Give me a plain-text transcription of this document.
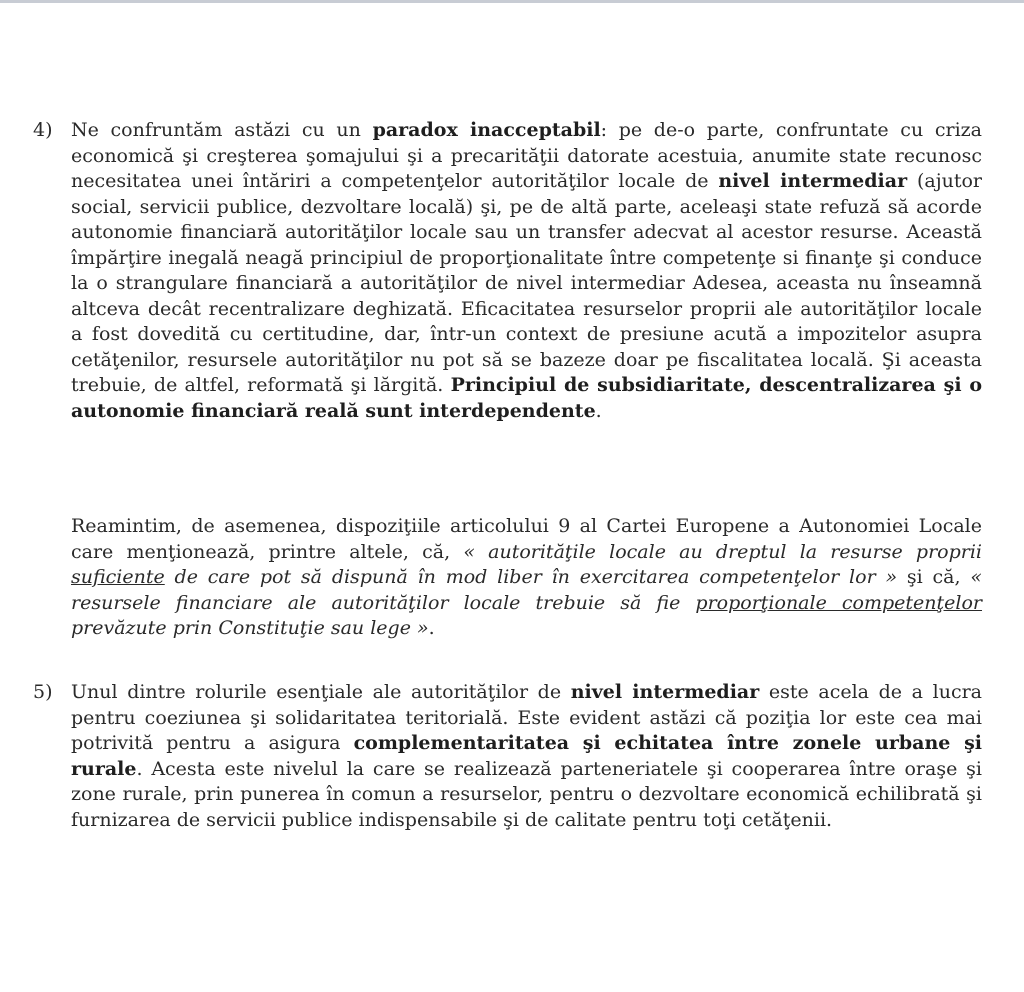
4) Ne confruntăm astăzi cu un paradox inacceptabil: pe de-o parte, confruntate cu criza economică şi creşterea şomajului şi a precarităţii datorate acestuia, anumite state recunosc necesitatea unei întăriri a competenţelor autorităţilor locale de nivel intermediar (ajutor social, servicii publice, dezvoltare locală) şi, pe de altă parte, aceleaşi state refuză să acorde autonomie financiară autorităţilor locale sau un transfer adecvat al acestor resurse. Această împărţire inegală neagă principiul de proporţionalitate între competenţe si finanţe şi conduce la o strangulare financiară a autorităţilor de nivel intermediar Adesea, aceasta nu înseamnă altceva decât recentralizare deghizată. Eficacitatea resurselor proprii ale autorităţilor locale a fost dovedită cu certitudine, dar, într-un context de presiune acută a impozitelor asupra cetăţenilor, resursele autorităţilor nu pot să se bazeze doar pe fiscalitatea locală. Şi aceasta trebuie, de altfel, reformată şi lărgită. Principiul de subsidiaritate, descentralizarea şi o autonomie financiară reală sunt interdependente.
Reamintim, de asemenea, dispoziţiile articolului 9 al Cartei Europene a Autonomiei Locale care menţionează, printre altele, că, « autorităţile locale au dreptul la resurse proprii suficiente de care pot să dispună în mod liber în exercitarea competenţelor lor » şi că, « resursele financiare ale autorităţilor locale trebuie să fie proporţionale competenţelor prevăzute prin Constituţie sau lege ».
5) Unul dintre rolurile esenţiale ale autorităţilor de nivel intermediar este acela de a lucra pentru coeziunea şi solidaritatea teritorială. Este evident astăzi că poziţia lor este cea mai potrivită pentru a asigura complementaritatea şi echitatea între zonele urbane şi rurale. Acesta este nivelul la care se realizează parteneriatele şi cooperarea între oraşe şi zone rurale, prin punerea în comun a resurselor, pentru o dezvoltare economică echilibrată şi furnizarea de servicii publice indispensabile şi de calitate pentru toţi cetăţenii.
